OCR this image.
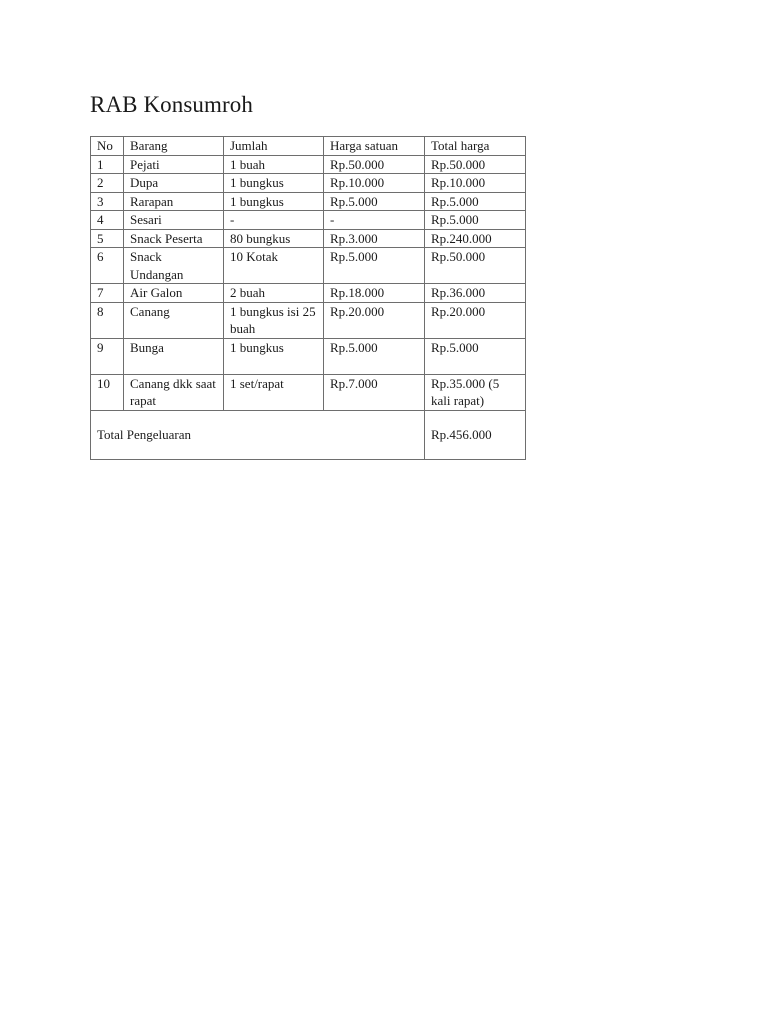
RAB Konsumroh
No	Barang	Jumlah	Harga satuan	Total harga
1	Pejati	1 buah	Rp.50.000	Rp.50.000
2	Dupa	1 bungkus	Rp.10.000	Rp.10.000
3	Rarapan	1 bungkus	Rp.5.000	Rp.5.000
4	Sesari	-	-	Rp.5.000
5	Snack Peserta	80 bungkus	Rp.3.000	Rp.240.000
6	Snack Undangan	10 Kotak	Rp.5.000	Rp.50.000
7	Air Galon	2 buah	Rp.18.000	Rp.36.000
8	Canang	1 bungkus isi 25 buah	Rp.20.000	Rp.20.000
9	Bunga	1 bungkus	Rp.5.000	Rp.5.000
10	Canang dkk saat rapat	1 set/rapat	Rp.7.000	Rp.35.000 (5 kali rapat)
Total Pengeluaran				Rp.456.000
